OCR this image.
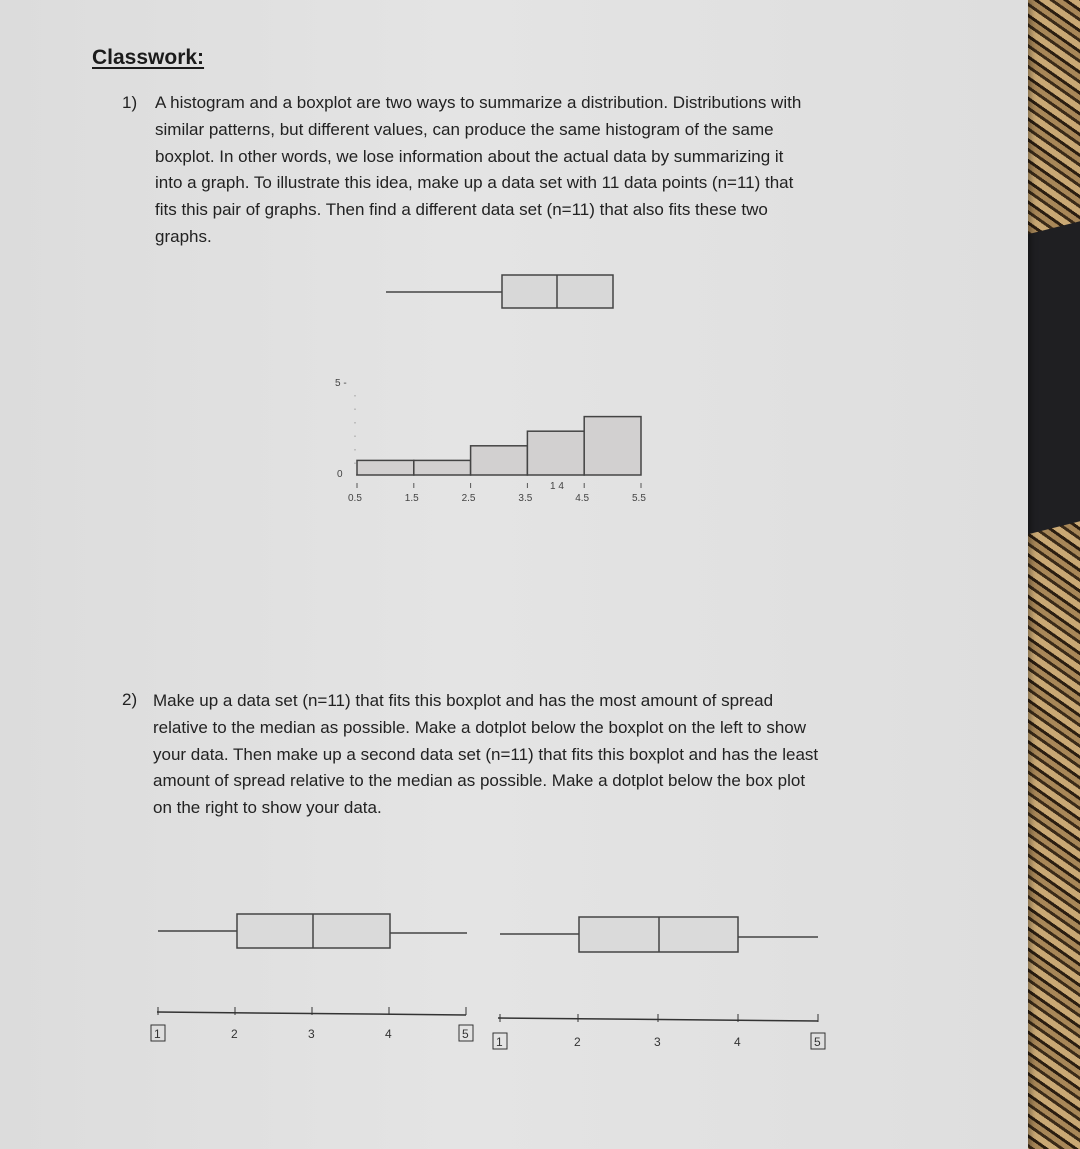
Classwork:
1) A histogram and a boxplot are two ways to summarize a distribution. Distributions with
similar patterns, but different values, can produce the same histogram of the same
boxplot. In other words, we lose information about the actual data by summarizing it
into a graph. To illustrate this idea, make up a data set with 11 data points (n=11) that
fits this pair of graphs. Then find a different data set (n=11) that also fits these two
graphs.
2) Make up a data set (n=11) that fits this boxplot and has the most amount of spread
relative to the median as possible. Make a dotplot below the boxplot on the left to show
your data. Then make up a second data set (n=11) that fits this boxplot and has the least
amount of spread relative to the median as possible. Make a dotplot below the box plot
on the right to show your data.
5 -
0
1 4
0.5	1.5	2.5	3.5	4.5	5.5
1	2	3	4	5
1	2	3	4	5
